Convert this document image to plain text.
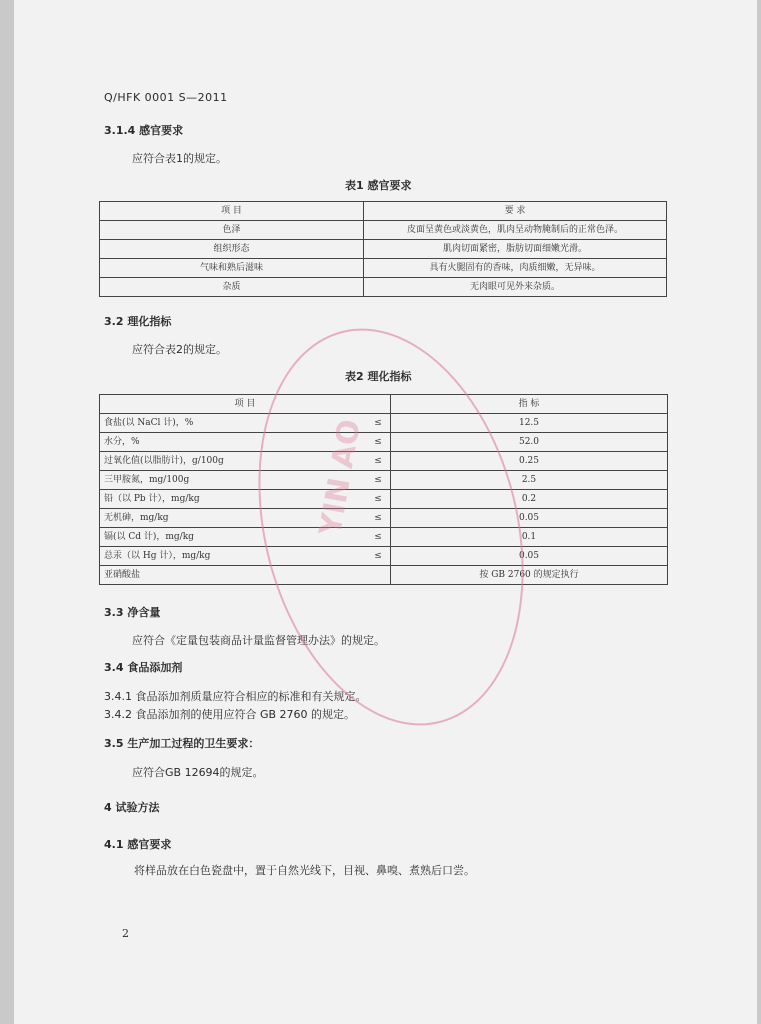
Q/HFK 0001 S—2011
3.1.4 感官要求
应符合表1的规定。
表1 感官要求
项 目	要 求
色泽	皮面呈黄色或淡黄色，肌肉呈动物腌制后的正常色泽。
组织形态	肌肉切面紧密，脂肪切面细嫩光滑。
气味和熟后滋味	具有火腿固有的香味，肉质细嫩，无异味。
杂质	无肉眼可见外来杂质。
3.2 理化指标
应符合表2的规定。
表2 理化指标
项 目		指 标
食盐(以 NaCl 计)，%	≤	12.5
水分，%	≤	52.0
过氧化值(以脂肪计)，g/100g	≤	0.25
三甲胺氮，mg/100g	≤	2.5
铅（以 Pb 计），mg/kg	≤	0.2
无机砷，mg/kg	≤	0.05
镉(以 Cd 计)，mg/kg	≤	0.1
总汞（以 Hg 计），mg/kg	≤	0.05
亚硝酸盐		按 GB 2760 的规定执行
3.3 净含量
应符合《定量包装商品计量监督管理办法》的规定。
3.4 食品添加剂
3.4.1 食品添加剂质量应符合相应的标准和有关规定。
3.4.2 食品添加剂的使用应符合 GB 2760 的规定。
3.5 生产加工过程的卫生要求：
应符合GB 12694的规定。
4 试验方法
4.1 感官要求
将样品放在白色瓷盘中，置于自然光线下，目视、鼻嗅、煮熟后口尝。
YIN AO
2
